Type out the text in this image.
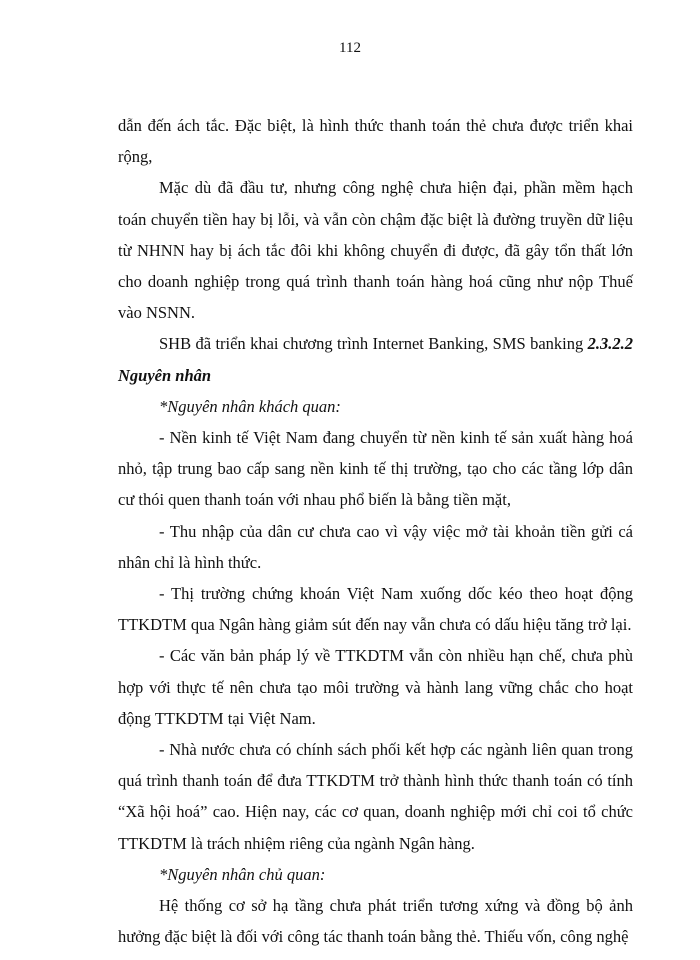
112

dẫn đến ách tắc. Đặc biệt, là hình thức thanh toán thẻ chưa được triển khai rộng,

Mặc dù đã đầu tư, nhưng công nghệ chưa hiện đại, phần mềm hạch toán chuyển tiền hay bị lỗi, và vẫn còn chậm đặc biệt là đường truyền dữ liệu từ NHNN hay bị ách tắc đôi khi không chuyển đi được, đã gây tổn thất lớn cho doanh nghiệp trong quá trình thanh toán hàng hoá cũng như nộp Thuế vào NSNN.

SHB đã triển khai chương trình Internet Banking, SMS banking 2.3.2.2 Nguyên nhân

*Nguyên nhân khách quan:

- Nền kinh tế Việt Nam đang chuyển từ nền kinh tế sản xuất hàng hoá nhỏ, tập trung bao cấp sang nền kinh tế thị trường, tạo cho các tầng lớp dân cư thói quen thanh toán với nhau phổ biến là bằng tiền mặt,

- Thu nhập của dân cư chưa cao vì vậy việc mở tài khoản tiền gửi cá nhân chỉ là hình thức.

- Thị trường chứng khoán Việt Nam xuống dốc kéo theo hoạt động TTKDTM qua Ngân hàng giảm sút đến nay vẫn chưa có dấu hiệu tăng trở lại.

- Các văn bản pháp lý về TTKDTM vẫn còn nhiều hạn chế, chưa phù hợp với thực tế nên chưa tạo môi trường và hành lang vững chắc cho hoạt động TTKDTM tại Việt Nam.

- Nhà nước chưa có chính sách phối kết hợp các ngành liên quan trong quá trình thanh toán để đưa TTKDTM trở thành hình thức thanh toán có tính “Xã hội hoá” cao. Hiện nay, các cơ quan, doanh nghiệp mới chỉ coi tổ chức TTKDTM là trách nhiệm riêng của ngành Ngân hàng.

*Nguyên nhân chủ quan:

Hệ thống cơ sở hạ tầng chưa phát triển tương xứng và đồng bộ ảnh hưởng đặc biệt là đối với công tác thanh toán bằng thẻ. Thiếu vốn, công nghệ
